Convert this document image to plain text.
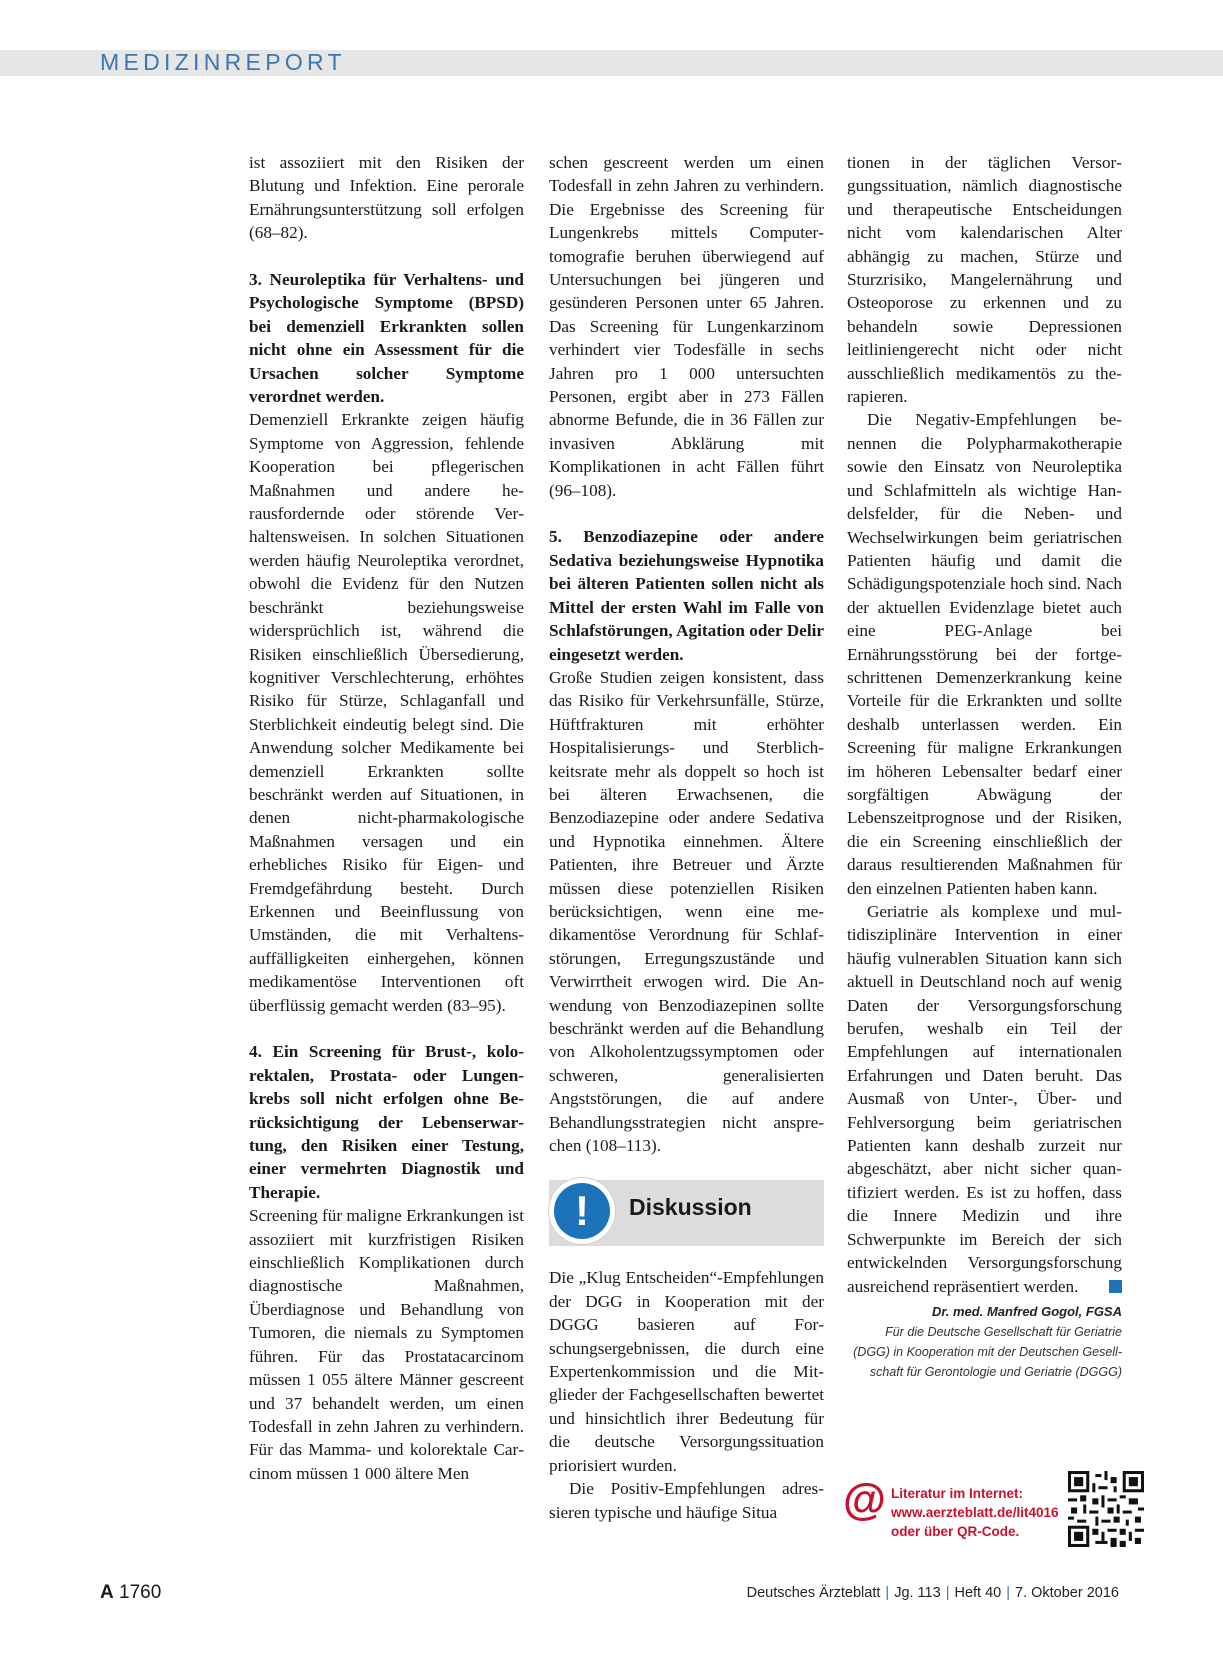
MEDIZINREPORT

ist assoziiert mit den Risiken der Blutung und Infektion. Eine perorale Ernährungsunterstützung soll erfolgen (68–82).

3. Neuroleptika für Verhaltens- und Psychologische Symptome (BPSD) bei demenziell Erkrankten sollen nicht ohne ein Assessment für die Ursachen solcher Symptome verordnet werden.

Demenziell Erkrankte zeigen häufig Symptome von Aggression, fehlende Kooperation bei pflegerischen Maßnahmen und andere herausfordernde oder störende Verhaltensweisen. In solchen Situationen werden häufig Neuroleptika verordnet, obwohl die Evidenz für den Nutzen beschränkt beziehungsweise widersprüchlich ist, während die Risiken einschließlich Übersedierung, kognitiver Verschlechterung, erhöhtes Risiko für Stürze, Schlaganfall und Sterblichkeit eindeutig belegt sind. Die Anwendung solcher Medikamente bei demenziell Erkrankten sollte beschränkt werden auf Situationen, in denen nicht-pharmakologische Maßnahmen versagen und ein erhebliches Risiko für Eigen- und Fremdgefährdung besteht. Durch Erkennen und Beeinflussung von Umständen, die mit Verhaltensauffälligkeiten einhergehen, können medikamentöse Interventionen oft überflüssig gemacht werden (83–95).

4. Ein Screening für Brust-, kolorektalen, Prostata- oder Lungenkrebs soll nicht erfolgen ohne Berücksichtigung der Lebenserwartung, den Risiken einer Testung, einer vermehrten Diagnostik und Therapie.

Screening für maligne Erkrankungen ist assoziiert mit kurzfristigen Risiken einschließlich Komplikationen durch diagnostische Maßnahmen, Überdiagnose und Behandlung von Tumoren, die niemals zu Symptomen führen. Für das Prostatacarcinom müssen 1 055 ältere Männer gescreent und 37 behandelt werden, um einen Todesfall in zehn Jahren zu verhindern. Für das Mamma- und kolorektale Carcinom müssen 1 000 ältere Men

schen gescreent werden um einen Todesfall in zehn Jahren zu verhindern. Die Ergebnisse des Screening für Lungenkrebs mittels Computertomografie beruhen überwiegend auf Untersuchungen bei jüngeren und gesünderen Personen unter 65 Jahren. Das Screening für Lungenkarzinom verhindert vier Todesfälle in sechs Jahren pro 1 000 untersuchten Personen, ergibt aber in 273 Fällen abnorme Befunde, die in 36 Fällen zur invasiven Abklärung mit Komplikationen in acht Fällen führt (96–108).

5. Benzodiazepine oder andere Sedativa beziehungsweise Hypnotika bei älteren Patienten sollen nicht als Mittel der ersten Wahl im Falle von Schlafstörungen, Agitation oder Delir eingesetzt werden.

Große Studien zeigen konsistent, dass das Risiko für Verkehrsunfälle, Stürze, Hüftfrakturen mit erhöhter Hospitalisierungs- und Sterblichkeitsrate mehr als doppelt so hoch ist bei älteren Erwachsenen, die Benzodiazepine oder andere Sedativa und Hypnotika einnehmen. Ältere Patienten, ihre Betreuer und Ärzte müssen diese potenziellen Risiken berücksichtigen, wenn eine medikamentöse Verordnung für Schlafstörungen, Erregungszustände und Verwirrtheit erwogen wird. Die Anwendung von Benzodiazepinen sollte beschränkt werden auf die Behandlung von Alkoholentzugssymptomen oder schweren, generalisierten Angststörungen, die auf andere Behandlungsstrategien nicht ansprechen (108–113).

!	Diskussion

Die „Klug Entscheiden“-Empfehlungen der DGG in Kooperation mit der DGGG basieren auf Forschungsergebnissen, die durch eine Expertenkommission und die Mitglieder der Fachgesellschaften bewertet und hinsichtlich ihrer Bedeutung für die deutsche Versorgungssituation priorisiert wurden.

Die Positiv-Empfehlungen adressieren typische und häufige Situa

tionen in der täglichen Versorgungssituation, nämlich diagnostische und therapeutische Entscheidungen nicht vom kalendarischen Alter abhängig zu machen, Stürze und Sturzrisiko, Mangelernährung und Osteoporose zu erkennen und zu behandeln sowie Depressionen leitliniengerecht nicht oder nicht ausschließlich medikamentös zu therapieren.

Die Negativ-Empfehlungen benennen die Polypharmakotherapie sowie den Einsatz von Neuroleptika und Schlafmitteln als wichtige Handelsfelder, für die Neben- und Wechselwirkungen beim geriatrischen Patienten häufig und damit die Schädigungspotenziale hoch sind. Nach der aktuellen Evidenzlage bietet auch eine PEG-Anlage bei Ernährungsstörung bei der fortgeschrittenen Demenzerkrankung keine Vorteile für die Erkrankten und sollte deshalb unterlassen werden. Ein Screening für maligne Erkrankungen im höheren Lebensalter bedarf einer sorgfältigen Abwägung der Lebenszeitprognose und der Risiken, die ein Screening einschließlich der daraus resultierenden Maßnahmen für den einzelnen Patienten haben kann.

Geriatrie als komplexe und multidisziplinäre Intervention in einer häufig vulnerablen Situation kann sich aktuell in Deutschland noch auf wenig Daten der Versorgungsforschung berufen, weshalb ein Teil der Empfehlungen auf internationalen Erfahrungen und Daten beruht. Das Ausmaß von Unter-, Über- und Fehlversorgung beim geriatrischen Patienten kann deshalb zurzeit nur abgeschätzt, aber nicht sicher quantifiziert werden. Es ist zu hoffen, dass die Innere Medizin und ihre Schwerpunkte im Bereich der sich entwickelnden Versorgungsforschung ausreichend repräsentiert werden.

Dr. med. Manfred Gogol, FGSA
Für die Deutsche Gesellschaft für Geriatrie (DGG) in Kooperation mit der Deutschen Gesellschaft für Gerontologie und Geriatrie (DGGG)
@ Literatur im Internet:
www.aerzteblatt.de/lit4016
oder über QR-Code.
A 1760	Deutsches Ärzteblatt | Jg. 113 | Heft 40 | 7. Oktober 2016
